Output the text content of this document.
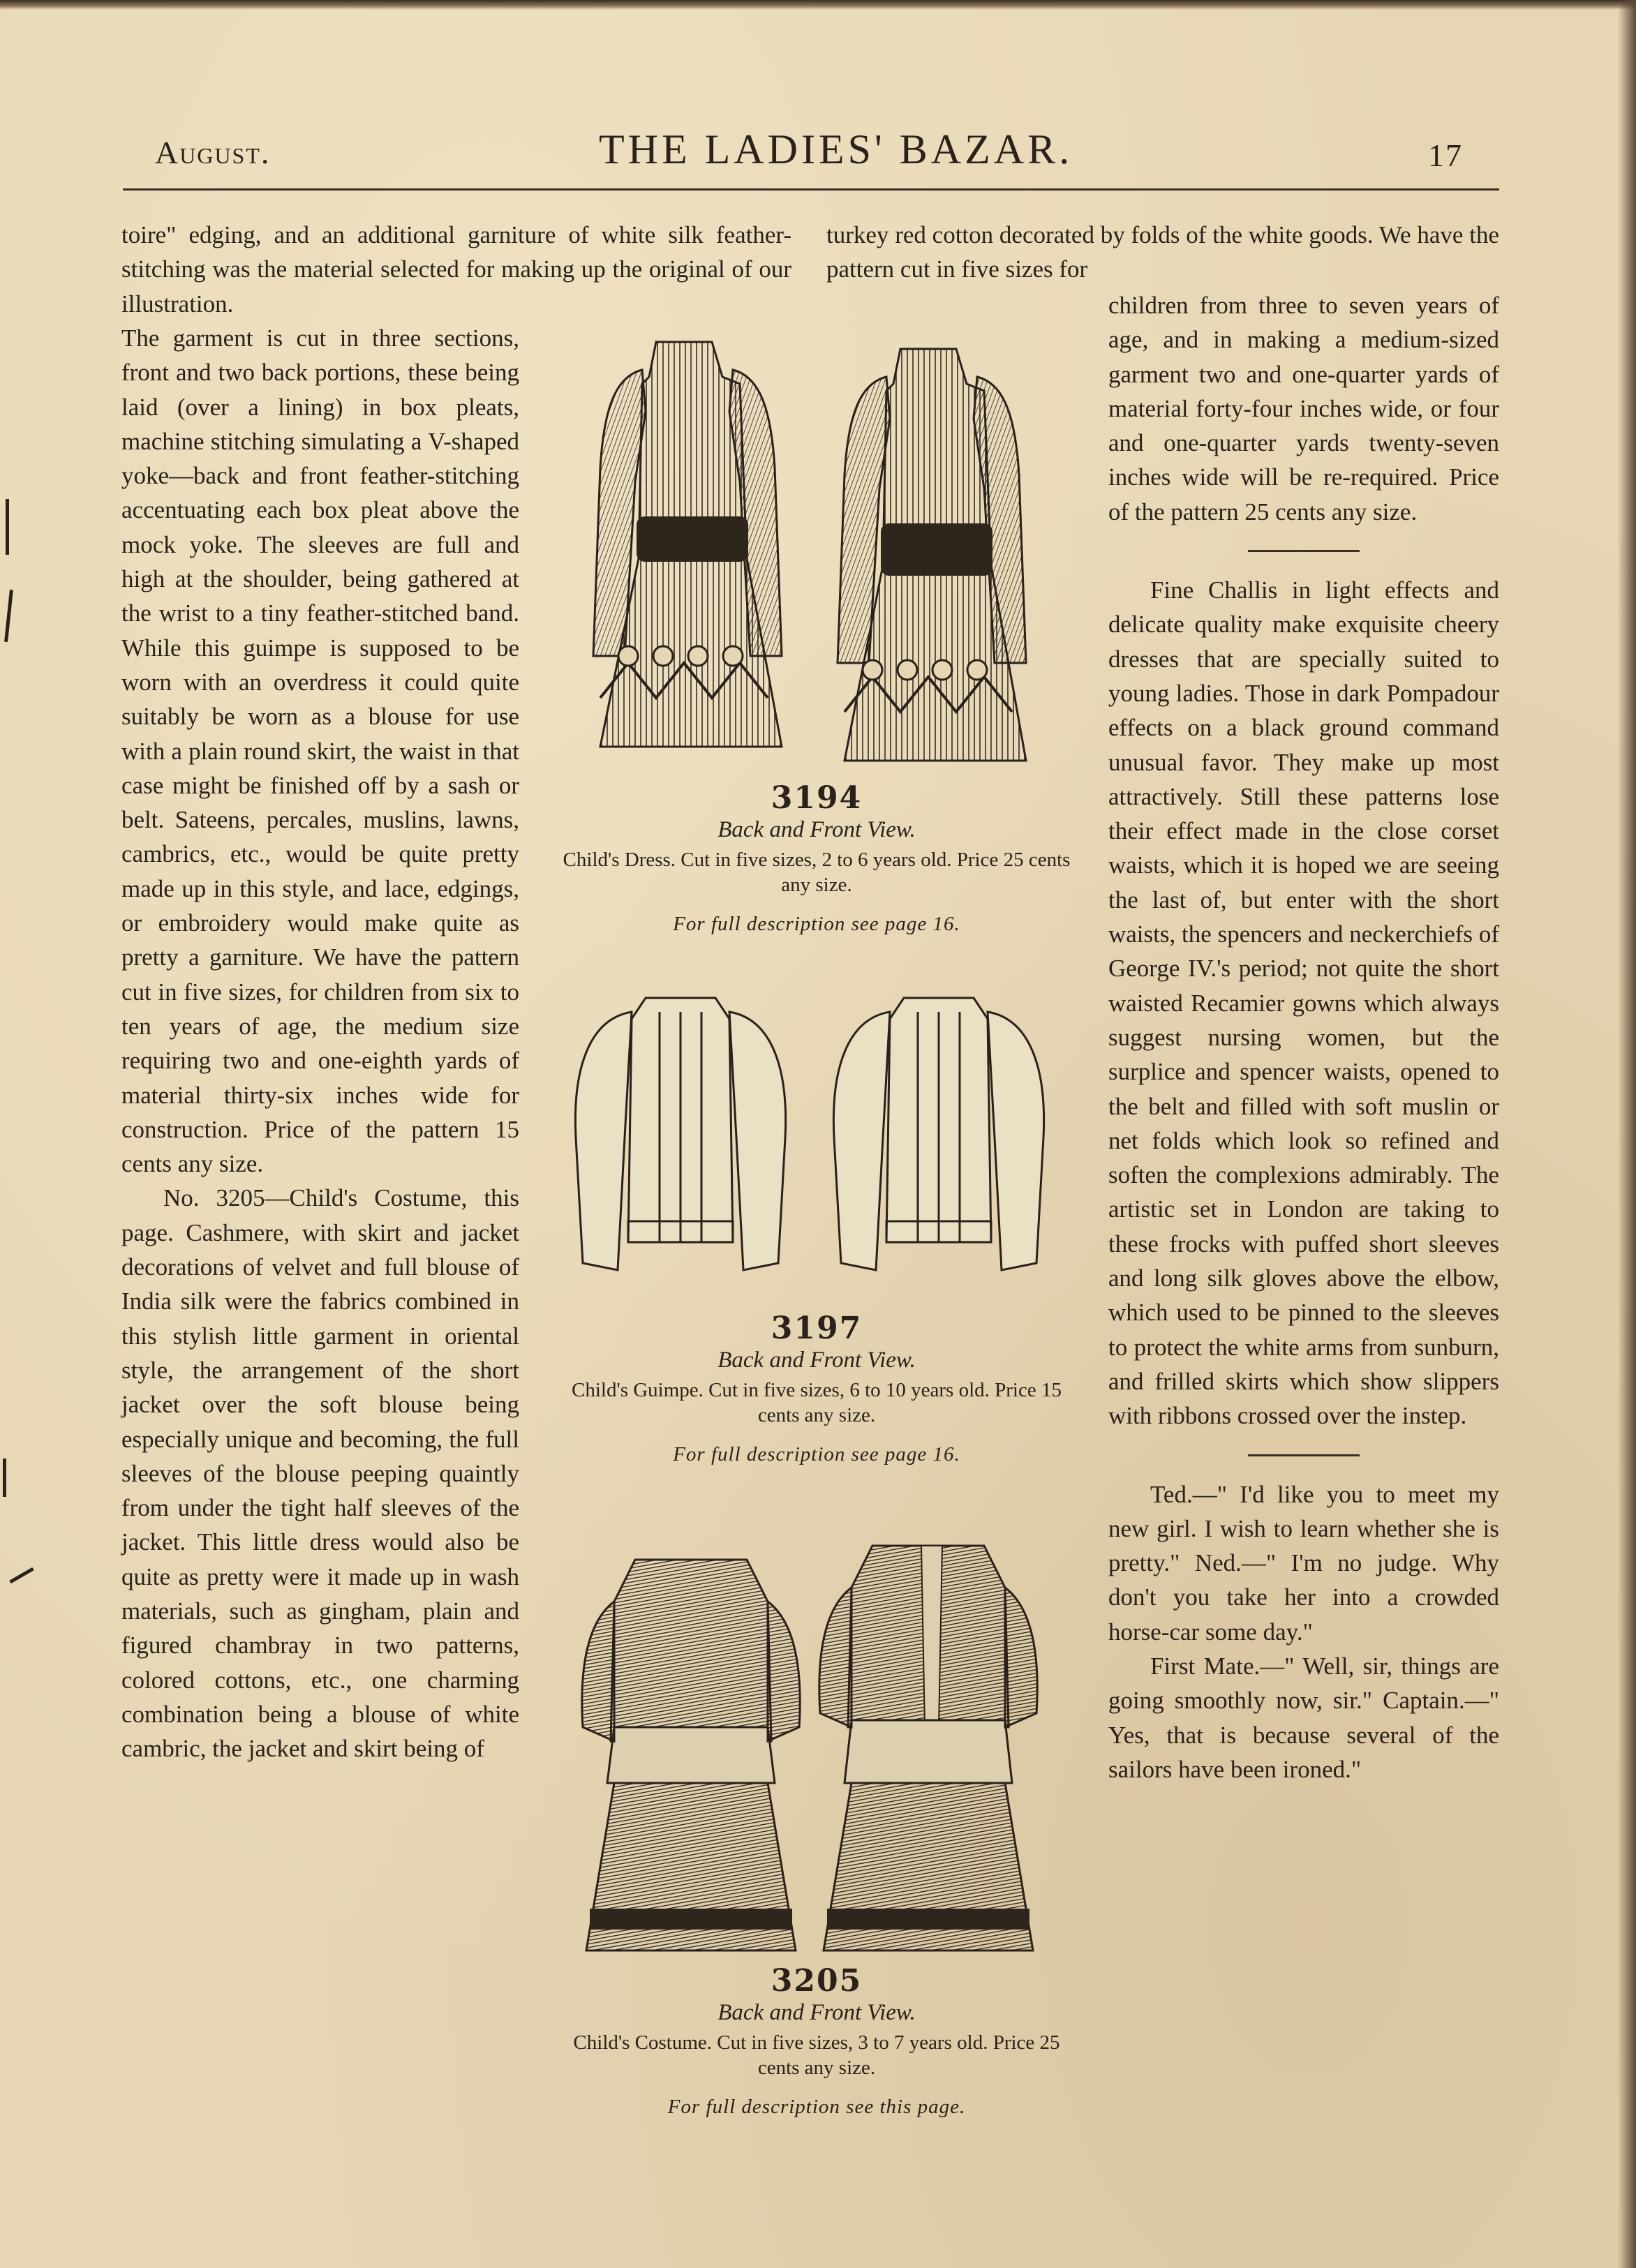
August.	THE LADIES' BAZAR.	17

toire" edging, and an additional garniture of white silk feather-stitching was the material selected for making up the original of our illustration.

turkey red cotton decorated by folds of the white goods. We have the pattern cut in five sizes for

The garment is cut in three sections, front and two back portions, these being laid (over a lining) in box pleats, machine stitching simulating a V-shaped yoke—back and front feather-stitching accentuating each box pleat above the mock yoke. The sleeves are full and high at the shoulder, being gathered at the wrist to a tiny feather-stitched band. While this guimpe is supposed to be worn with an overdress it could quite suitably be worn as a blouse for use with a plain round skirt, the waist in that case might be finished off by a sash or belt. Sateens, percales, muslins, lawns, cambrics, etc., would be quite pretty made up in this style, and lace, edgings, or embroidery would make quite as pretty a garniture. We have the pattern cut in five sizes, for children from six to ten years of age, the medium size requiring two and one-eighth yards of material thirty-six inches wide for construction. Price of the pattern 15 cents any size.

No. 3205—Child's Costume, this page. Cashmere, with skirt and jacket decorations of velvet and full blouse of India silk were the fabrics combined in this stylish little garment in oriental style, the arrangement of the short jacket over the soft blouse being especially unique and becoming, the full sleeves of the blouse peeping quaintly from under the tight half sleeves of the jacket. This little dress would also be quite as pretty were it made up in wash materials, such as gingham, plain and figured chambray in two patterns, colored cottons, etc., one charming combination being a blouse of white cambric, the jacket and skirt being of

children from three to seven years of age, and in making a medium-sized garment two and one-quarter yards of material forty-four inches wide, or four and one-quarter yards twenty-seven inches wide will be re-required. Price of the pattern 25 cents any size.

Fine Challis in light effects and delicate quality make exquisite cheery dresses that are specially suited to young ladies. Those in dark Pompadour effects on a black ground command unusual favor. They make up most attractively. Still these patterns lose their effect made in the close corset waists, which it is hoped we are seeing the last of, but enter with the short waists, the spencers and neckerchiefs of George IV.'s period; not quite the short waisted Recamier gowns which always suggest nursing women, but the surplice and spencer waists, opened to the belt and filled with soft muslin or net folds which look so refined and soften the complexions admirably. The artistic set in London are taking to these frocks with puffed short sleeves and long silk gloves above the elbow, which used to be pinned to the sleeves to protect the white arms from sunburn, and frilled skirts which show slippers with ribbons crossed over the instep.

Ted.—" I'd like you to meet my new girl. I wish to learn whether she is pretty." Ned.—" I'm no judge. Why don't you take her into a crowded horse-car some day."

First Mate.—" Well, sir, things are going smoothly now, sir." Captain.—" Yes, that is because several of the sailors have been ironed."

3194
Back and Front View.
Child's Dress. Cut in five sizes, 2 to 6 years old. Price 25 cents any size.
For full description see page 16.
3197
Back and Front View.
Child's Guimpe. Cut in five sizes, 6 to 10 years old. Price 15 cents any size.
For full description see page 16.
3205
Back and Front View.
Child's Costume. Cut in five sizes, 3 to 7 years old. Price 25 cents any size.
For full description see this page.
